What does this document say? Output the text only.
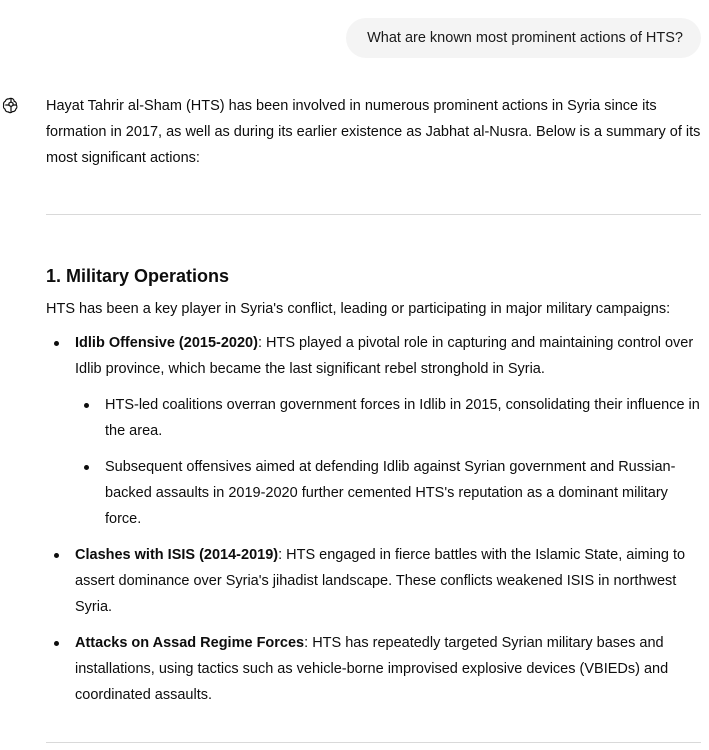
What are known most prominent actions of HTS?

Hayat Tahrir al-Sham (HTS) has been involved in numerous prominent actions in Syria since its formation in 2017, as well as during its earlier existence as Jabhat al-Nusra. Below is a summary of its most significant actions:

1. Military Operations

HTS has been a key player in Syria's conflict, leading or participating in major military campaigns:

Idlib Offensive (2015-2020): HTS played a pivotal role in capturing and maintaining control over Idlib province, which became the last significant rebel stronghold in Syria.
HTS-led coalitions overran government forces in Idlib in 2015, consolidating their influence in the area.
Subsequent offensives aimed at defending Idlib against Syrian government and Russian-backed assaults in 2019-2020 further cemented HTS's reputation as a dominant military force.
Clashes with ISIS (2014-2019): HTS engaged in fierce battles with the Islamic State, aiming to assert dominance over Syria's jihadist landscape. These conflicts weakened ISIS in northwest Syria.
Attacks on Assad Regime Forces: HTS has repeatedly targeted Syrian military bases and installations, using tactics such as vehicle-borne improvised explosive devices (VBIEDs) and coordinated assaults.
